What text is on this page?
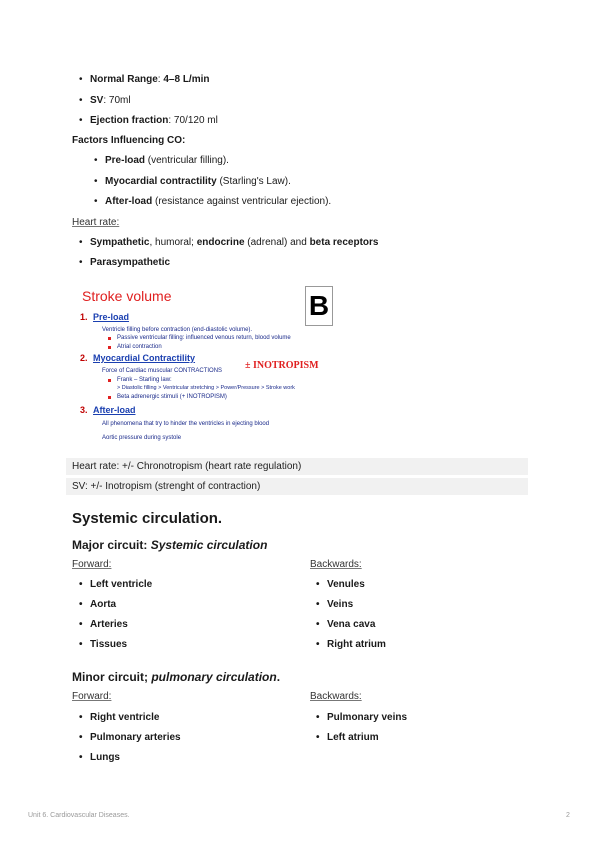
• Normal Range: 4–8 L/min
• SV: 70ml
• Ejection fraction: 70/120 ml
Factors Influencing CO:
• Pre-load (ventricular filling).
• Myocardial contractility (Starling's Law).
• After-load (resistance against ventricular ejection).
Heart rate:
• Sympathetic, humoral; endocrine (adrenal) and beta receptors
• Parasympathetic
Stroke volume
1. Pre-load
Ventricle filling before contraction (end-diastolic volume).
Passive ventricular filling: influenced venous return, blood volume
Atrial contraction
2. Myocardial Contractility
Force of Cardiac muscular CONTRACTIONS
Frank – Starling law:
> Diastolic filling > Ventricular stretching > Power/Pressure > Stroke work
Beta adrenergic stimuli (+ INOTROPISM)
3. After-load
All phenomena that try to hinder the ventricles in ejecting blood
Aortic pressure during systole
B
± INOTROPISM
Heart rate: +/- Chronotropism (heart rate regulation)
SV: +/- Inotropism (strenght of contraction)
Systemic circulation.
Major circuit: Systemic circulation
Forward:	Backwards:
• Left ventricle
• Aorta
• Arteries
• Tissues
• Venules
• Veins
• Vena cava
• Right atrium
Minor circuit; pulmonary circulation.
Forward:	Backwards:
• Right ventricle
• Pulmonary arteries
• Lungs
• Pulmonary veins
• Left atrium
Unit 6. Cardiovascular Diseases.	2
